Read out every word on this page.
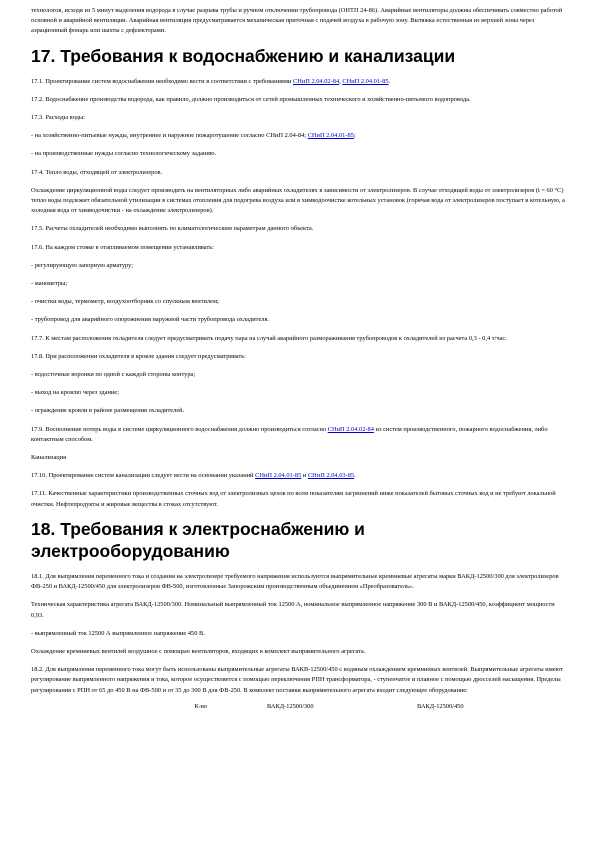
технологов, исходя из 5 минут выделения водорода в случае разрыва трубы и ручном отключении трубопровода (ОНТП 24-86). Аварийные вентиляторы должны обеспечивать совместно работой основной и аварийной вентиляции. Аварийная вентиляция предусматривается механическая приточная с подачей воздуха в рабочую зону. Вытяжка естественная из верхней зоны через аэрационный фонарь или шахты с дефлекторами.

17. Требования к водоснабжению и канализации

17.1. Проектирование систем водоснабжения необходимо вести в соответствии с требованиями СНиП 2.04.02-84, СНиП 2.04.01-85.

17.2. Водоснабжение производства водорода, как правило, должно производиться от сетей промышленных технического и хозяйственно-питьевого водопровода.

17.3. Расходы воды:

- на хозяйственно-питьевые нужды, внутреннее и наружное пожаротушение согласно СНиП 2.04-84; СНиП 2.04.01-85;

- на производственные нужды согласно технологическому заданию.

17.4. Тепло воды, отходящей от электролизеров.

Охлаждение циркуляционной воды следует производить на вентиляторных либо аварийных охладителях в зависимости от электролизеров. В случае отходящей воды от электролизеров (t = 60 °С) тепло воды подлежит обязательной утилизации в системах отопления для подогрева воздуха или в химводоочистке котельных установок (горячая вода от электролизеров поступает в котельную, а холодная вода от химводочистки - на охлаждение электролизеров).

17.5. Расчеты охладителей необходимо выполнять по климатологическим параметрам данного объекта.

17.6. На каждом стояке в отапливаемом помещении устанавливать:

- регулирующую запорную арматуру;

- манометры;

- очистки воды, термометр, воздухоотборник со спускным вентилем;

- трубопровод для аварийного опорожнения наружной части трубопровода охладителя.

17.7. К местам расположения охладителя следует предусматривать подачу пара на случай аварийного размораживания трубопроводов к охладителей из расчета 0,3 - 0,4 т/час.

17.8. При расположении охладителя в кровле здания следует предусматривать:

- водосточные воронки по одной с каждой стороны контура;

- выход на кровлю через здание;

- ограждение кровли в районе размещения охладителей.

17.9. Восполнение потерь воды в системе циркуляционного водоснабжения должно производиться согласно СНиП 2.04.02-84 из систем производственного, пожарного водоснабжения, либо контактным способом.

Канализация

17.10. Проектирование систем канализации следует вести на основании указаний СНиП 2.04.01-85 и СНиП 2.04.03-85.

17.11. Качественные характеристики производственных сточных вод от электролизных цехов по всем показателям загрязнений ниже показателей бытовых сточных вод и не требуют локальной очистки. Нефтепродукты и жировые вещества в стоках отсутствуют.

18. Требования к электроснабжению и электрооборудованию

18.1. Для выпрямления переменного тока и создания на электролизере требуемого напряжения используются выпрямительные кремниевые агрегаты марки ВАКД-12500/300 для электролизеров ФВ-250 и ВАКД-12500/450 для электролизеров ФВ-500, изготовленные Запорожским производственным объединением «Преобразователь».

Техническая характеристика агрегата ВАКД-12500/300. Номинальный выпрямленный ток 12500 А, номинальное выпрямленное напряжение 300 В и ВАКД-12500/450, коэффициент мощности 0,93.

- выпрямленный ток 12500 А выпрямленное напряжение 450 В.

Охлаждение кремниевых вентилей воздушное с помощью вентиляторов, входящих в комплект выпрямительного агрегата.

18.2. Для выпрямления переменного тока могут быть использованы выпрямительные агрегаты ВАКВ-12500/450 с водяным охлаждением кремниевых вентилей. Выпрямительные агрегаты имеют регулирование выпрямленного напряжения и тока, которое осуществляется с помощью переключения РПН трансформатора, - ступенчатое и плавное с помощью дросселей насыщения. Пределы регулирования с РПН от 65 до 450 В на ФВ-500 и от 35 до 300 В для ФВ-250. В комплект поставки выпрямительного агрегата входит следующее оборудование:

К-во	ВАКД-12500/300	ВАКД-12500/450
